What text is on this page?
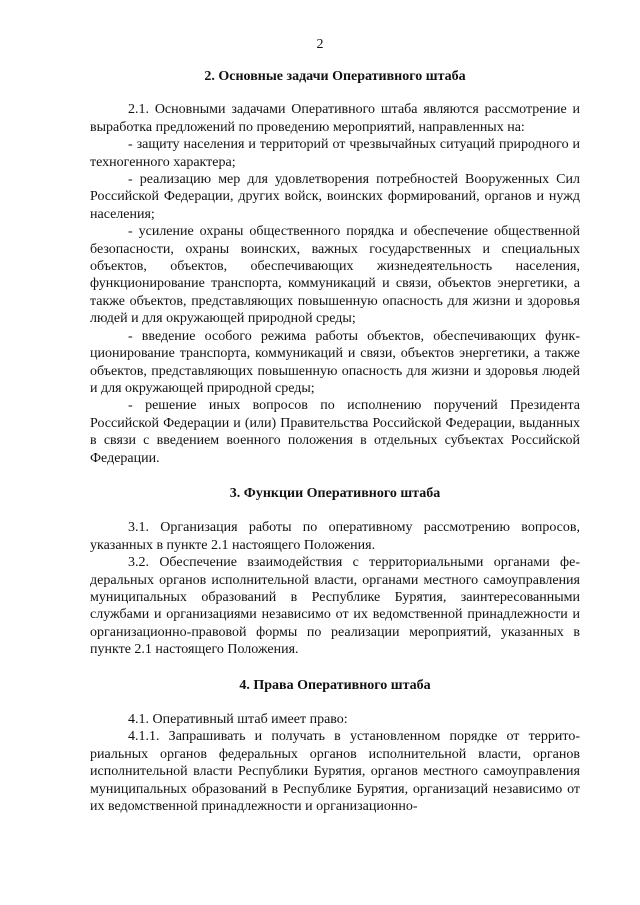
2
2. Основные задачи Оперативного штаба

2.1. Основными задачами Оперативного штаба являются рассмотрение и выработка предложений по проведению мероприятий, направленных на:

- защиту населения и территорий от чрезвычайных ситуаций природного и техногенного характера;

- реализацию мер для удовлетворения потребностей Вооруженных Сил Российской Федерации, других войск, воинских формирований, органов и нужд населения;

- усиление охраны общественного порядка и обеспечение общественной безопасности, охраны воинских, важных государственных и специальных объектов, объектов, обеспечивающих жизнедеятельность населения, функционирование транспорта, коммуникаций и связи, объектов энергетики, а также объектов, представляющих повышенную опасность для жизни и здоровья людей и для окружающей природной среды;

- введение особого режима работы объектов, обеспечивающих функционирование транспорта, коммуникаций и связи, объектов энергетики, а также объектов, представляющих повышенную опасность для жизни и здоровья людей и для окружающей природной среды;

- решение иных вопросов по исполнению поручений Президента Российской Федерации и (или) Правительства Российской Федерации, выданных в связи с введением военного положения в отдельных субъектах Российской Федерации.

3. Функции Оперативного штаба

3.1. Организация работы по оперативному рассмотрению вопросов, указанных в пункте 2.1 настоящего Положения.

3.2. Обеспечение взаимодействия с территориальными органами федеральных органов исполнительной власти, органами местного самоуправления муниципальных образований в Республике Бурятия, заинтересованными службами и организациями независимо от их ведомственной принадлежности и организационно-правовой формы по реализации мероприятий, указанных в пункте 2.1 настоящего Положения.

4. Права Оперативного штаба

4.1. Оперативный штаб имеет право:

4.1.1. Запрашивать и получать в установленном порядке от территориальных органов федеральных органов исполнительной власти, органов исполнительной власти Республики Бурятия, органов местного самоуправления муниципальных образований в Республике Бурятия, организаций независимо от их ведомственной принадлежности и организационно-
